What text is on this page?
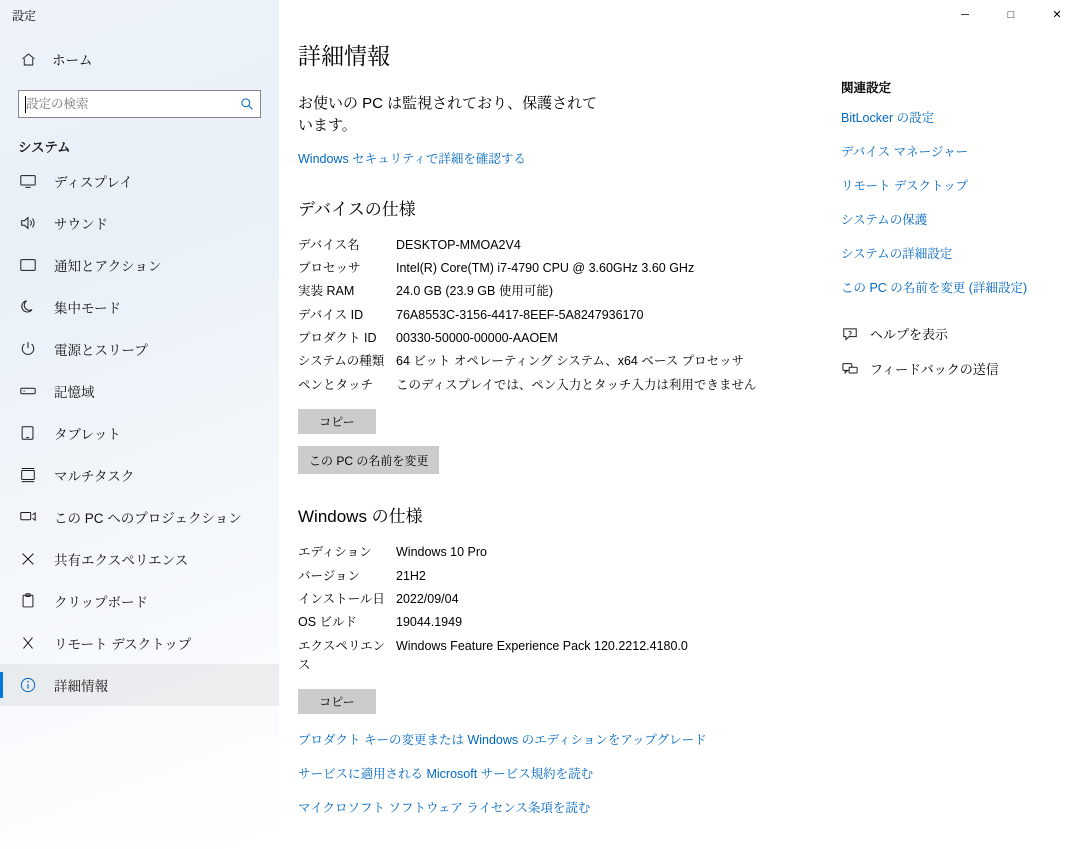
設定	─	□	✕
ホーム
設定の検索
システム
ディスプレイ
サウンド
通知とアクション
集中モード
電源とスリープ
記憶域
タブレット
マルチタスク
この PC へのプロジェクション
共有エクスペリエンス
クリップボード
リモート デスクトップ
詳細情報
詳細情報

お使いの PC は監視されており、保護されています。

Windows セキュリティで詳細を確認する
デバイスの仕様
デバイス名	DESKTOP-MMOA2V4
プロセッサ	Intel(R) Core(TM) i7-4790 CPU @ 3.60GHz 3.60 GHz
実装 RAM	24.0 GB (23.9 GB 使用可能)
デバイス ID	76A8553C-3156-4417-8EEF-5A8247936170
プロダクト ID	00330-50000-00000-AAOEM
システムの種類	64 ビット オペレーティング システム、x64 ベース プロセッサ
ペンとタッチ	このディスプレイでは、ペン入力とタッチ入力は利用できません
コピー
この PC の名前を変更
Windows の仕様
エディション	Windows 10 Pro
バージョン	21H2
インストール日	2022/09/04
OS ビルド	19044.1949
エクスペリエンス	Windows Feature Experience Pack 120.2212.4180.0
コピー
プロダクト キーの変更または Windows のエディションをアップグレード
サービスに適用される Microsoft サービス規約を読む
マイクロソフト ソフトウェア ライセンス条項を読む
関連設定
BitLocker の設定
デバイス マネージャー
リモート デスクトップ
システムの保護
システムの詳細設定
この PC の名前を変更 (詳細設定)
ヘルプを表示
フィードバックの送信
